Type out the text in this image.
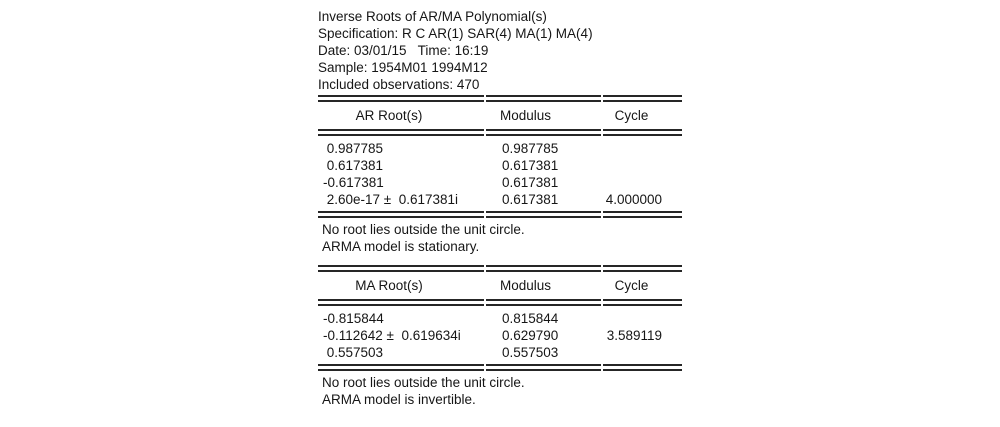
Inverse Roots of AR/MA Polynomial(s)
Specification: R C AR(1) SAR(4) MA(1) MA(4)
Date: 03/01/15   Time: 16:19
Sample: 1954M01 1994M12
Included observations: 470
AR Root(s)	Modulus	Cycle
0.987785	0.987785
0.617381	0.617381
-0.617381	0.617381
2.60e-17 ±  0.617381i	0.617381	4.000000
No root lies outside the unit circle.
ARMA model is stationary.
MA Root(s)	Modulus	Cycle
-0.815844	0.815844
-0.112642 ±  0.619634i	0.629790	3.589119
0.557503	0.557503
No root lies outside the unit circle.
ARMA model is invertible.
